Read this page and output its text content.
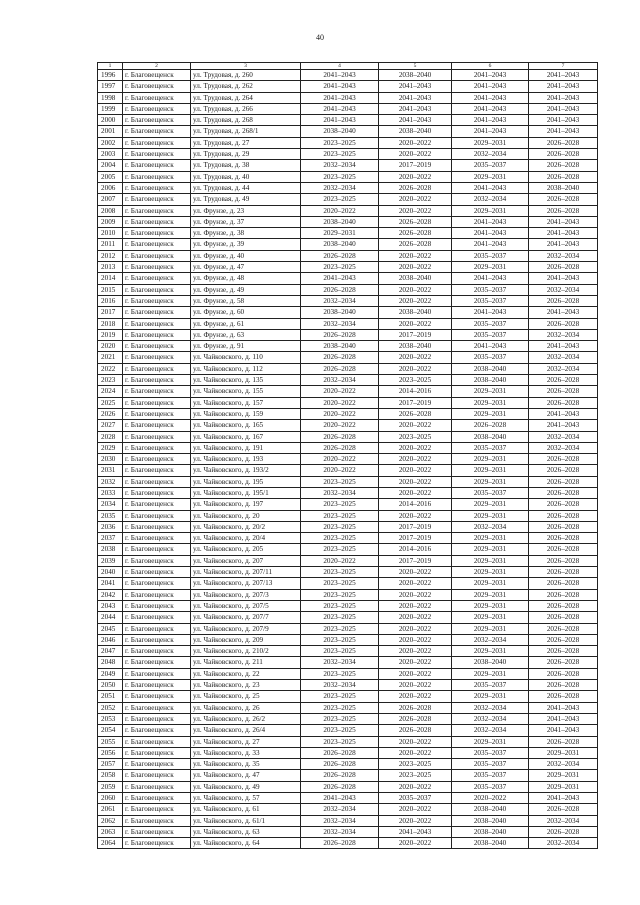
40
1	2	3	4	5	6	7
1996	г. Благовещенск	ул. Трудовая, д. 260	2041–2043	2038–2040	2041–2043	2041–2043
1997	г. Благовещенск	ул. Трудовая, д. 262	2041–2043	2041–2043	2041–2043	2041–2043
1998	г. Благовещенск	ул. Трудовая, д. 264	2041–2043	2041–2043	2041–2043	2041–2043
1999	г. Благовещенск	ул. Трудовая, д. 266	2041–2043	2041–2043	2041–2043	2041–2043
2000	г. Благовещенск	ул. Трудовая, д. 268	2041–2043	2041–2043	2041–2043	2041–2043
2001	г. Благовещенск	ул. Трудовая, д. 268/1	2038–2040	2038–2040	2041–2043	2041–2043
2002	г. Благовещенск	ул. Трудовая, д. 27	2023–2025	2020–2022	2029–2031	2026–2028
2003	г. Благовещенск	ул. Трудовая, д. 29	2023–2025	2020–2022	2032–2034	2026–2028
2004	г. Благовещенск	ул. Трудовая, д. 38	2032–2034	2017–2019	2035–2037	2026–2028
2005	г. Благовещенск	ул. Трудовая, д. 40	2023–2025	2020–2022	2029–2031	2026–2028
2006	г. Благовещенск	ул. Трудовая, д. 44	2032–2034	2026–2028	2041–2043	2038–2040
2007	г. Благовещенск	ул. Трудовая, д. 49	2023–2025	2020–2022	2032–2034	2026–2028
2008	г. Благовещенск	ул. Фрунзе, д. 23	2020–2022	2020–2022	2029–2031	2026–2028
2009	г. Благовещенск	ул. Фрунзе, д. 37	2038–2040	2026–2028	2041–2043	2041–2043
2010	г. Благовещенск	ул. Фрунзе, д. 38	2029–2031	2026–2028	2041–2043	2041–2043
2011	г. Благовещенск	ул. Фрунзе, д. 39	2038–2040	2026–2028	2041–2043	2041–2043
2012	г. Благовещенск	ул. Фрунзе, д. 40	2026–2028	2020–2022	2035–2037	2032–2034
2013	г. Благовещенск	ул. Фрунзе, д. 47	2023–2025	2020–2022	2029–2031	2026–2028
2014	г. Благовещенск	ул. Фрунзе, д. 48	2041–2043	2038–2040	2041–2043	2041–2043
2015	г. Благовещенск	ул. Фрунзе, д. 49	2026–2028	2020–2022	2035–2037	2032–2034
2016	г. Благовещенск	ул. Фрунзе, д. 58	2032–2034	2020–2022	2035–2037	2026–2028
2017	г. Благовещенск	ул. Фрунзе, д. 60	2038–2040	2038–2040	2041–2043	2041–2043
2018	г. Благовещенск	ул. Фрунзе, д. 61	2032–2034	2020–2022	2035–2037	2026–2028
2019	г. Благовещенск	ул. Фрунзе, д. 63	2026–2028	2017–2019	2035–2037	2032–2034
2020	г. Благовещенск	ул. Фрунзе, д. 91	2038–2040	2038–2040	2041–2043	2041–2043
2021	г. Благовещенск	ул. Чайковского, д. 110	2026–2028	2020–2022	2035–2037	2032–2034
2022	г. Благовещенск	ул. Чайковского, д. 112	2026–2028	2020–2022	2038–2040	2032–2034
2023	г. Благовещенск	ул. Чайковского, д. 135	2032–2034	2023–2025	2038–2040	2026–2028
2024	г. Благовещенск	ул. Чайковского, д. 155	2020–2022	2014–2016	2029–2031	2026–2028
2025	г. Благовещенск	ул. Чайковского, д. 157	2020–2022	2017–2019	2029–2031	2026–2028
2026	г. Благовещенск	ул. Чайковского, д. 159	2020–2022	2026–2028	2029–2031	2041–2043
2027	г. Благовещенск	ул. Чайковского, д. 165	2020–2022	2020–2022	2026–2028	2041–2043
2028	г. Благовещенск	ул. Чайковского, д. 167	2026–2028	2023–2025	2038–2040	2032–2034
2029	г. Благовещенск	ул. Чайковского, д. 191	2026–2028	2020–2022	2035–2037	2032–2034
2030	г. Благовещенск	ул. Чайковского, д. 193	2020–2022	2020–2022	2029–2031	2026–2028
2031	г. Благовещенск	ул. Чайковского, д. 193/2	2020–2022	2020–2022	2029–2031	2026–2028
2032	г. Благовещенск	ул. Чайковского, д. 195	2023–2025	2020–2022	2029–2031	2026–2028
2033	г. Благовещенск	ул. Чайковского, д. 195/1	2032–2034	2020–2022	2035–2037	2026–2028
2034	г. Благовещенск	ул. Чайковского, д. 197	2023–2025	2014–2016	2029–2031	2026–2028
2035	г. Благовещенск	ул. Чайковского, д. 20	2023–2025	2020–2022	2029–2031	2026–2028
2036	г. Благовещенск	ул. Чайковского, д. 20/2	2023–2025	2017–2019	2032–2034	2026–2028
2037	г. Благовещенск	ул. Чайковского, д. 20/4	2023–2025	2017–2019	2029–2031	2026–2028
2038	г. Благовещенск	ул. Чайковского, д. 205	2023–2025	2014–2016	2029–2031	2026–2028
2039	г. Благовещенск	ул. Чайковского, д. 207	2020–2022	2017–2019	2029–2031	2026–2028
2040	г. Благовещенск	ул. Чайковского, д. 207/11	2023–2025	2020–2022	2029–2031	2026–2028
2041	г. Благовещенск	ул. Чайковского, д. 207/13	2023–2025	2020–2022	2029–2031	2026–2028
2042	г. Благовещенск	ул. Чайковского, д. 207/3	2023–2025	2020–2022	2029–2031	2026–2028
2043	г. Благовещенск	ул. Чайковского, д. 207/5	2023–2025	2020–2022	2029–2031	2026–2028
2044	г. Благовещенск	ул. Чайковского, д. 207/7	2023–2025	2020–2022	2029–2031	2026–2028
2045	г. Благовещенск	ул. Чайковского, д. 207/9	2023–2025	2020–2022	2029–2031	2026–2028
2046	г. Благовещенск	ул. Чайковского, д. 209	2023–2025	2020–2022	2032–2034	2026–2028
2047	г. Благовещенск	ул. Чайковского, д. 210/2	2023–2025	2020–2022	2029–2031	2026–2028
2048	г. Благовещенск	ул. Чайковского, д. 211	2032–2034	2020–2022	2038–2040	2026–2028
2049	г. Благовещенск	ул. Чайковского, д. 22	2023–2025	2020–2022	2029–2031	2026–2028
2050	г. Благовещенск	ул. Чайковского, д. 23	2032–2034	2020–2022	2035–2037	2026–2028
2051	г. Благовещенск	ул. Чайковского, д. 25	2023–2025	2020–2022	2029–2031	2026–2028
2052	г. Благовещенск	ул. Чайковского, д. 26	2023–2025	2026–2028	2032–2034	2041–2043
2053	г. Благовещенск	ул. Чайковского, д. 26/2	2023–2025	2026–2028	2032–2034	2041–2043
2054	г. Благовещенск	ул. Чайковского, д. 26/4	2023–2025	2026–2028	2032–2034	2041–2043
2055	г. Благовещенск	ул. Чайковского, д. 27	2023–2025	2020–2022	2029–2031	2026–2028
2056	г. Благовещенск	ул. Чайковского, д. 33	2026–2028	2020–2022	2035–2037	2029–2031
2057	г. Благовещенск	ул. Чайковского, д. 35	2026–2028	2023–2025	2035–2037	2032–2034
2058	г. Благовещенск	ул. Чайковского, д. 47	2026–2028	2023–2025	2035–2037	2029–2031
2059	г. Благовещенск	ул. Чайковского, д. 49	2026–2028	2020–2022	2035–2037	2029–2031
2060	г. Благовещенск	ул. Чайковского, д. 57	2041–2043	2035–2037	2020–2022	2041–2043
2061	г. Благовещенск	ул. Чайковского, д. 61	2032–2034	2020–2022	2038–2040	2026–2028
2062	г. Благовещенск	ул. Чайковского, д. 61/1	2032–2034	2020–2022	2038–2040	2032–2034
2063	г. Благовещенск	ул. Чайковского, д. 63	2032–2034	2041–2043	2038–2040	2026–2028
2064	г. Благовещенск	ул. Чайковского, д. 64	2026–2028	2020–2022	2038–2040	2032–2034
